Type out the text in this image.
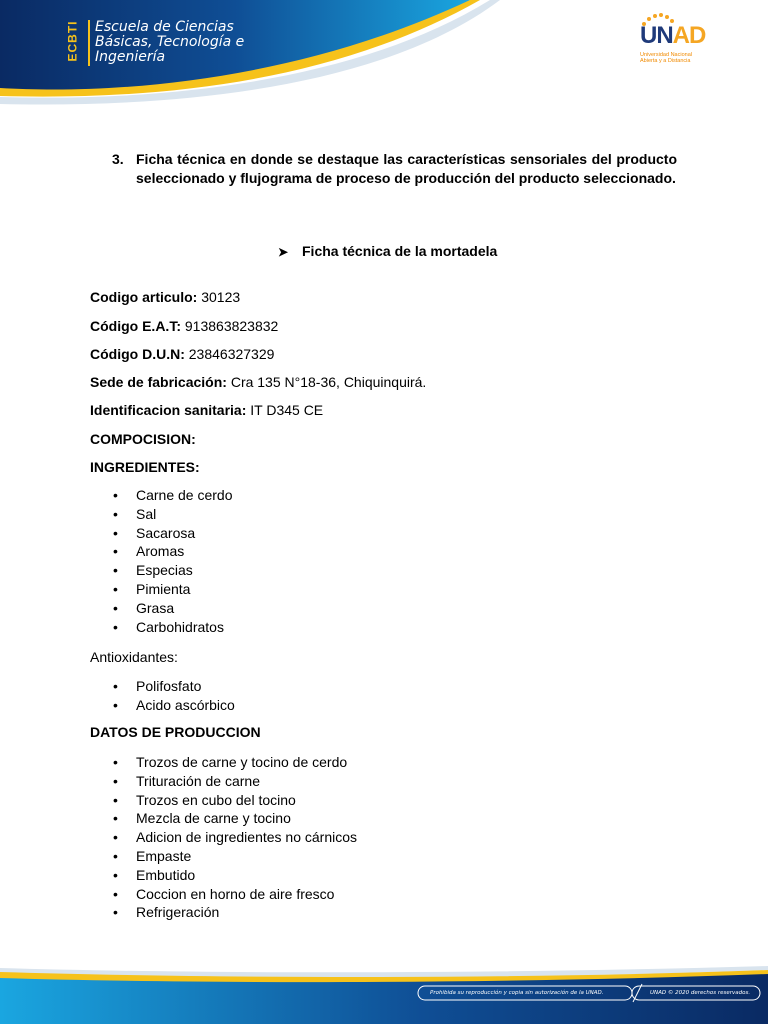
ECBTI Escuela de Ciencias
Básicas, Tecnología e
Ingeniería
UNAD
Universidad Nacional
Abierta y a Distancia
3. Ficha técnica en donde se destaque las características sensoriales del producto seleccionado y flujograma de proceso de producción del producto seleccionado.
➤ Ficha técnica de la mortadela
Codigo articulo: 30123
Código E.A.T: 913863823832
Código D.U.N: 23846327329
Sede de fabricación: Cra 135 N°18-36, Chiquinquirá.
Identificacion sanitaria: IT D345 CE
COMPOCISION:
INGREDIENTES:
• Carne de cerdo
• Sal
• Sacarosa
• Aromas
• Especias
• Pimienta
• Grasa
• Carbohidratos
Antioxidantes:
• Polifosfato
• Acido ascórbico
DATOS DE PRODUCCION
• Trozos de carne y tocino de cerdo
• Trituración de carne
• Trozos en cubo del tocino
• Mezcla de carne y tocino
• Adicion de ingredientes no cárnicos
• Empaste
• Embutido
• Coccion en horno de aire fresco
• Refrigeración
Prohibida su reproducción y copia sin autorización de la UNAD.	UNAD © 2020 derechos reservados.
